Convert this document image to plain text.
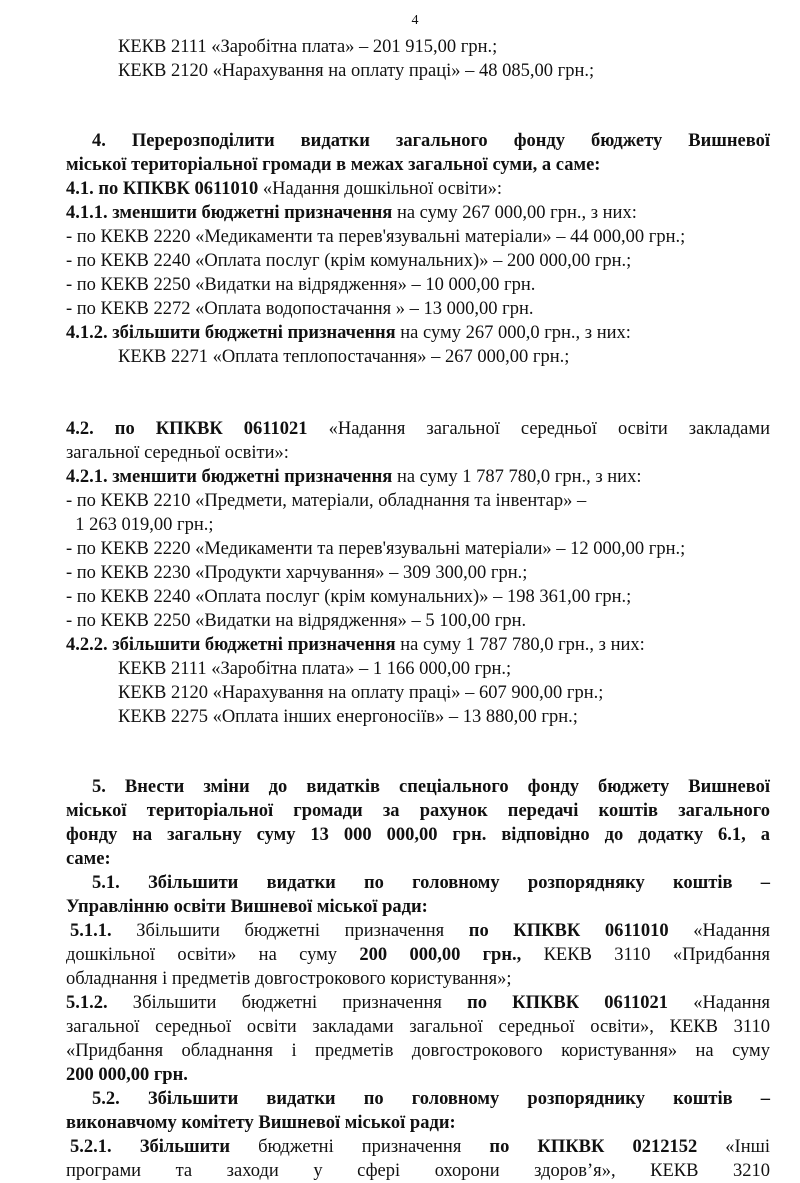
4
КЕКВ 2111 «Заробітна плата» – 201 915,00 грн.;
КЕКВ 2120 «Нарахування на оплату праці» – 48 085,00 грн.;
4. Перерозподілити видатки загального фонду бюджету Вишневої
міської територіальної громади в межах загальної суми, а саме:
4.1. по КПКВК 0611010 «Надання дошкільної освіти»:
4.1.1. зменшити бюджетні призначення на суму 267 000,00 грн., з них:
- по КЕКВ 2220 «Медикаменти та перев'язувальні матеріали» – 44 000,00 грн.;
- по КЕКВ 2240 «Оплата послуг (крім комунальних)» – 200 000,00 грн.;
- по КЕКВ 2250 «Видатки на відрядження» – 10 000,00 грн.
- по КЕКВ 2272 «Оплата водопостачання » – 13 000,00 грн.
4.1.2. збільшити бюджетні призначення на суму 267 000,0 грн., з них:
КЕКВ 2271 «Оплата теплопостачання» – 267 000,00 грн.;
4.2. по КПКВК 0611021 «Надання загальної середньої освіти закладами
загальної середньої освіти»:
4.2.1. зменшити бюджетні призначення на суму 1 787 780,0 грн., з них:
- по КЕКВ 2210 «Предмети, матеріали, обладнання та інвентар» –
1 263 019,00 грн.;
- по КЕКВ 2220 «Медикаменти та перев'язувальні матеріали» – 12 000,00 грн.;
- по КЕКВ 2230 «Продукти харчування» – 309 300,00 грн.;
- по КЕКВ 2240 «Оплата послуг (крім комунальних)» – 198 361,00 грн.;
- по КЕКВ 2250 «Видатки на відрядження» – 5 100,00 грн.
4.2.2. збільшити бюджетні призначення на суму 1 787 780,0 грн., з них:
КЕКВ 2111 «Заробітна плата» – 1 166 000,00 грн.;
КЕКВ 2120 «Нарахування на оплату праці» – 607 900,00 грн.;
КЕКВ 2275 «Оплата інших енергоносіїв» – 13 880,00 грн.;
5. Внести зміни до видатків спеціального фонду бюджету Вишневої
міської територіальної громади за рахунок передачі коштів загального
фонду на загальну суму 13 000 000,00 грн. відповідно до додатку 6.1, а
саме:
5.1. Збільшити видатки по головному розпорядняку коштів –
Управлінню освіти Вишневої міської ради:
5.1.1. Збільшити бюджетні призначення по КПКВК 0611010 «Надання
дошкільної освіти» на суму 200 000,00 грн., КЕКВ 3110 «Придбання
обладнання і предметів довгострокового користування»;
5.1.2. Збільшити бюджетні призначення по КПКВК 0611021 «Надання
загальної середньої освіти закладами загальної середньої освіти», КЕКВ 3110
«Придбання обладнання і предметів довгострокового користування» на суму
200 000,00 грн.
5.2. Збільшити видатки по головному розпоряднику коштів –
виконавчому комітету Вишневої міської ради:
5.2.1. Збільшити бюджетні призначення по КПКВК 0212152 «Інші
програми та заходи у сфері охорони здоров’я», КЕКВ 3210
